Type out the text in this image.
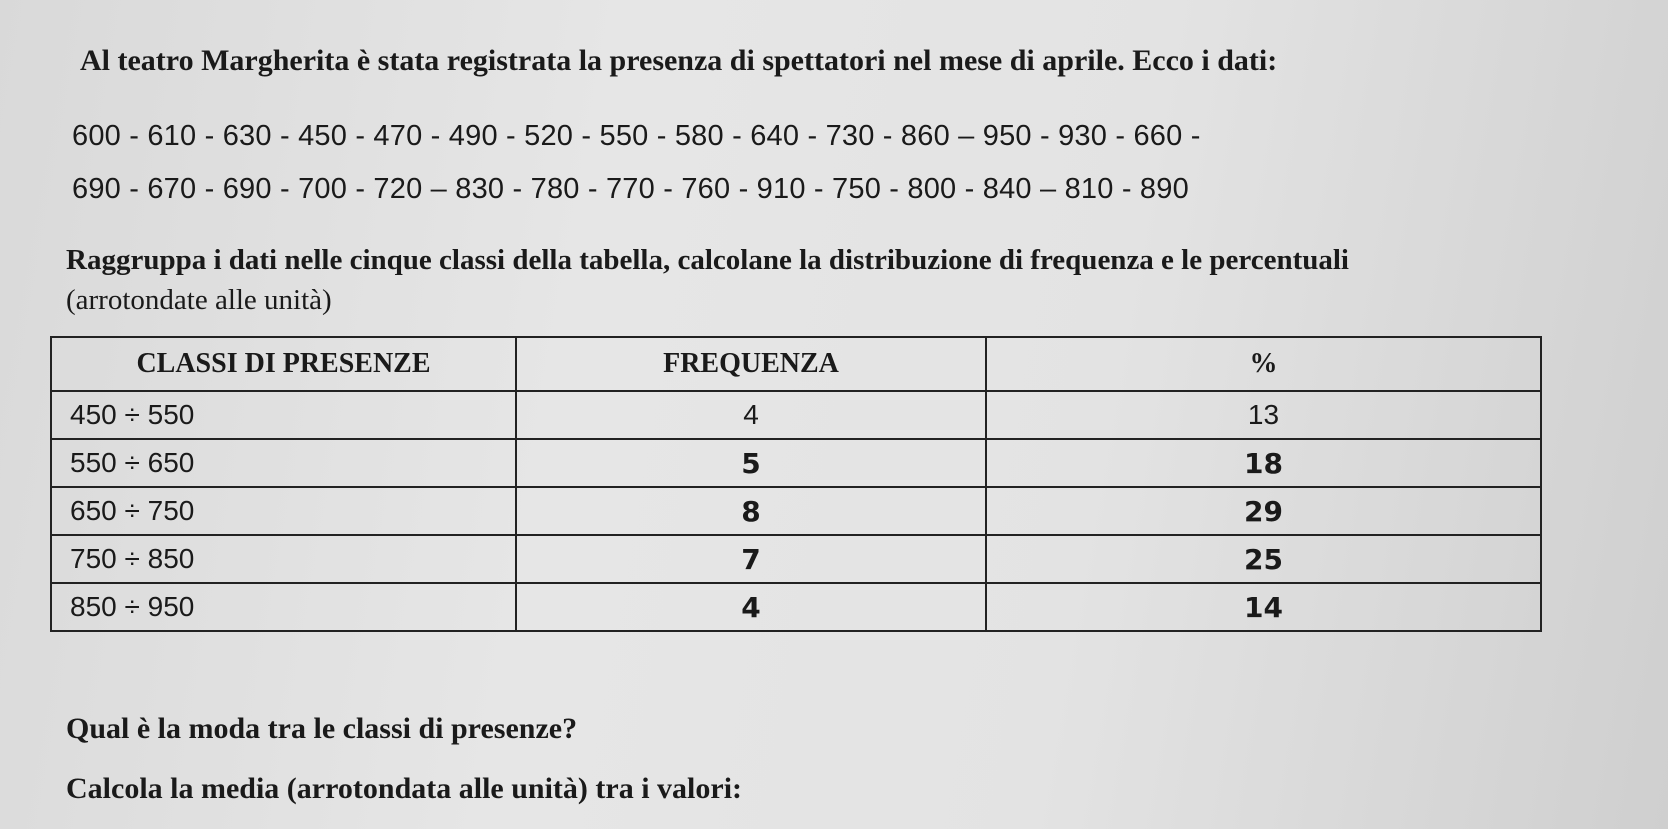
Al teatro Margherita è stata registrata la presenza di spettatori nel mese di aprile. Ecco i dati:

600 - 610 - 630 - 450 - 470 - 490 - 520 - 550 - 580 - 640 - 730 - 860 – 950 - 930 - 660 -

690 - 670 - 690 - 700 - 720 – 830 - 780 - 770 - 760 - 910 - 750 - 800 - 840 – 810 - 890

Raggruppa i dati nelle cinque classi della tabella, calcolane la distribuzione di frequenza e le percentuali
(arrotondate alle unità)

CLASSI DI PRESENZE	FREQUENZA	%
450 ÷ 550	4	13
550 ÷ 650	5	18
650 ÷ 750	8	29
750 ÷ 850	7	25
850 ÷ 950	4	14

Qual è la moda tra le classi di presenze?

Calcola la media (arrotondata alle unità) tra i valori:
